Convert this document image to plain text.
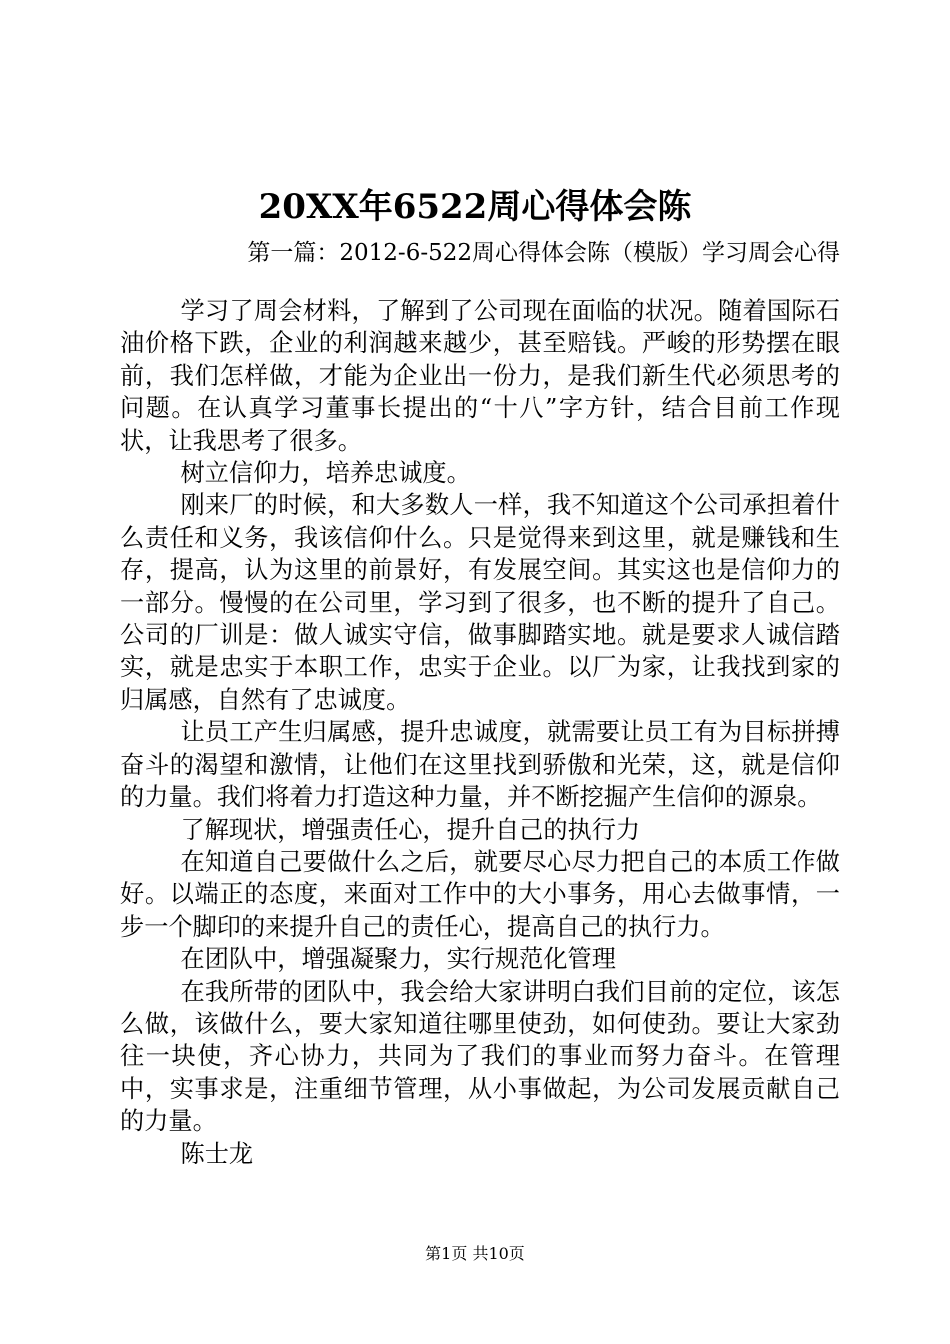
20XX年6522周心得体会陈
第一篇：2012-6-522周心得体会陈（模版）学习周会心得

学习了周会材料，了解到了公司现在面临的状况。随着国际石油价格下跌，企业的利润越来越少，甚至赔钱。严峻的形势摆在眼前，我们怎样做，才能为企业出一份力，是我们新生代必须思考的问题。在认真学习董事长提出的“十八”字方针，结合目前工作现状，让我思考了很多。

树立信仰力，培养忠诚度。

刚来厂的时候，和大多数人一样，我不知道这个公司承担着什么责任和义务，我该信仰什么。只是觉得来到这里，就是赚钱和生存，提高，认为这里的前景好，有发展空间。其实这也是信仰力的一部分。慢慢的在公司里，学习到了很多，也不断的提升了自己。公司的厂训是：做人诚实守信，做事脚踏实地。就是要求人诚信踏实，就是忠实于本职工作，忠实于企业。以厂为家，让我找到家的归属感，自然有了忠诚度。

让员工产生归属感，提升忠诚度，就需要让员工有为目标拼搏奋斗的渴望和激情，让他们在这里找到骄傲和光荣，这，就是信仰的力量。我们将着力打造这种力量，并不断挖掘产生信仰的源泉。

了解现状，增强责任心，提升自己的执行力

在知道自己要做什么之后，就要尽心尽力把自己的本质工作做好。以端正的态度，来面对工作中的大小事务，用心去做事情，一步一个脚印的来提升自己的责任心，提高自己的执行力。

在团队中，增强凝聚力，实行规范化管理

在我所带的团队中，我会给大家讲明白我们目前的定位，该怎么做，该做什么，要大家知道往哪里使劲，如何使劲。要让大家劲往一块使，齐心协力，共同为了我们的事业而努力奋斗。在管理中，实事求是，注重细节管理，从小事做起，为公司发展贡献自己的力量。

陈士龙

第1页 共10页
